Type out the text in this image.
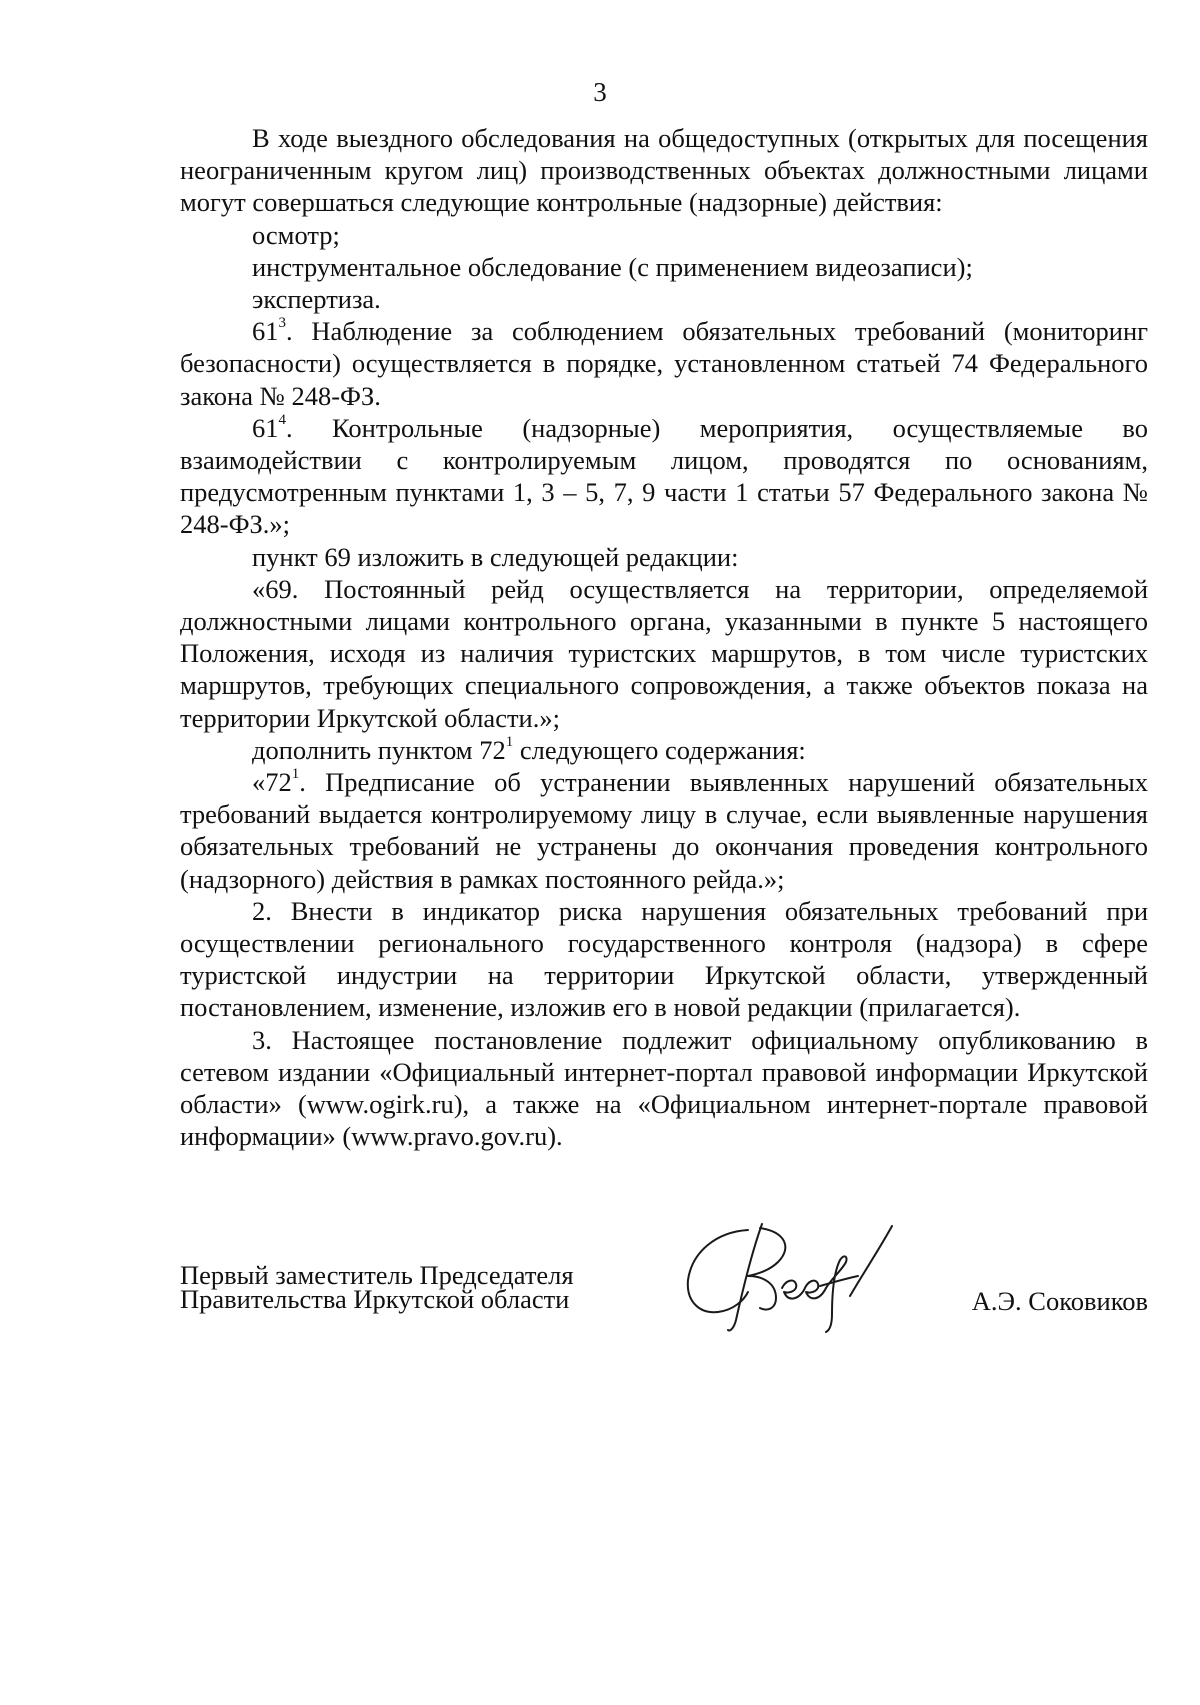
3

В ходе выездного обследования на общедоступных (открытых для посещения неограниченным кругом лиц) производственных объектах должностными лицами могут совершаться следующие контрольные (надзорные) действия:

осмотр;

инструментальное обследование (с применением видеозаписи);

экспертиза.

$61^3$. Наблюдение за соблюдением обязательных требований (мониторинг безопасности) осуществляется в порядке, установленном статьей 74 Федерального закона № 248-ФЗ.

$61^4$. Контрольные (надзорные) мероприятия, осуществляемые во взаимодействии с контролируемым лицом, проводятся по основаниям, предусмотренным пунктами 1, 3 – 5, 7, 9 части 1 статьи 57 Федерального закона № 248-ФЗ.»;

пункт 69 изложить в следующей редакции:

«69. Постоянный рейд осуществляется на территории, определяемой должностными лицами контрольного органа, указанными в пункте 5 настоящего Положения, исходя из наличия туристских маршрутов, в том числе туристских маршрутов, требующих специального сопровождения, а также объектов показа на территории Иркутской области.»;

дополнить пунктом $72^1$ следующего содержания:

«$72^1$. Предписание об устранении выявленных нарушений обязательных требований выдается контролируемому лицу в случае, если выявленные нарушения обязательных требований не устранены до окончания проведения контрольного (надзорного) действия в рамках постоянного рейда.»;

2. Внести в индикатор риска нарушения обязательных требований при осуществлении регионального государственного контроля (надзора) в сфере туристской индустрии на территории Иркутской области, утвержденный постановлением, изменение, изложив его в новой редакции (прилагается).

3. Настоящее постановление подлежит официальному опубликованию в сетевом издании «Официальный интернет-портал правовой информации Иркутской области» (www.ogirk.ru), а также на «Официальном интернет-портале правовой информации» (www.pravo.gov.ru).

Первый заместитель Председателя
Правительства Иркутской области	А.Э. Соковиков
